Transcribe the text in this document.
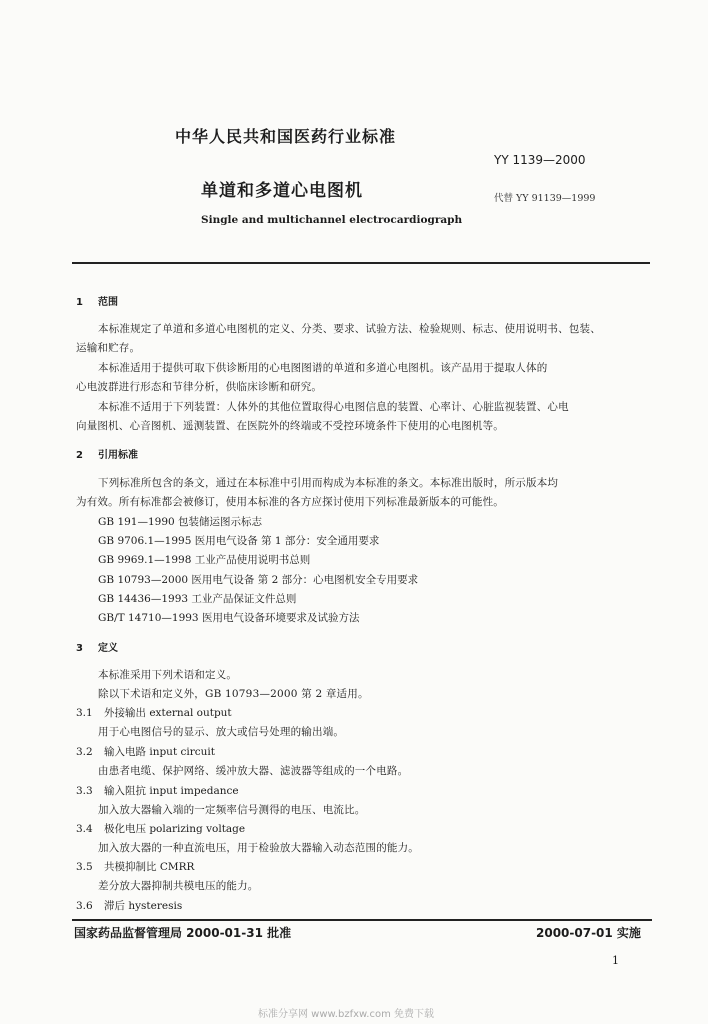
中华人民共和国医药行业标准
YY 1139—2000
单道和多道心电图机	代替 YY 91139—1999
Single and multichannel electrocardiograph
1 范围
本标准规定了单道和多道心电图机的定义、分类、要求、试验方法、检验规则、标志、使用说明书、包装、
运输和贮存。
本标准适用于提供可取下供诊断用的心电图图谱的单道和多道心电图机。该产品用于提取人体的
心电波群进行形态和节律分析，供临床诊断和研究。
本标准不适用于下列装置：人体外的其他位置取得心电图信息的装置、心率计、心脏监视装置、心电
向量图机、心音图机、遥测装置、在医院外的终端或不受控环境条件下使用的心电图机等。
2 引用标准
下列标准所包含的条文，通过在本标准中引用而构成为本标准的条文。本标准出版时，所示版本均
为有效。所有标准都会被修订，使用本标准的各方应探讨使用下列标准最新版本的可能性。
GB 191—1990 包装储运图示标志
GB 9706.1—1995 医用电气设备 第 1 部分：安全通用要求
GB 9969.1—1998 工业产品使用说明书总则
GB 10793—2000 医用电气设备 第 2 部分：心电图机安全专用要求
GB 14436—1993 工业产品保证文件总则
GB/T 14710—1993 医用电气设备环境要求及试验方法
3 定义
本标准采用下列术语和定义。
除以下术语和定义外，GB 10793—2000 第 2 章适用。
3.1 外接输出 external output
用于心电图信号的显示、放大或信号处理的输出端。
3.2 输入电路 input circuit
由患者电缆、保护网络、缓冲放大器、滤波器等组成的一个电路。
3.3 输入阻抗 input impedance
加入放大器输入端的一定频率信号测得的电压、电流比。
3.4 极化电压 polarizing voltage
加入放大器的一种直流电压，用于检验放大器输入动态范围的能力。
3.5 共模抑制比 CMRR
差分放大器抑制共模电压的能力。
3.6 滞后 hysteresis
国家药品监督管理局 2000-01-31 批准	2000-07-01 实施
1
标准分享网 www.bzfxw.com 免费下载
